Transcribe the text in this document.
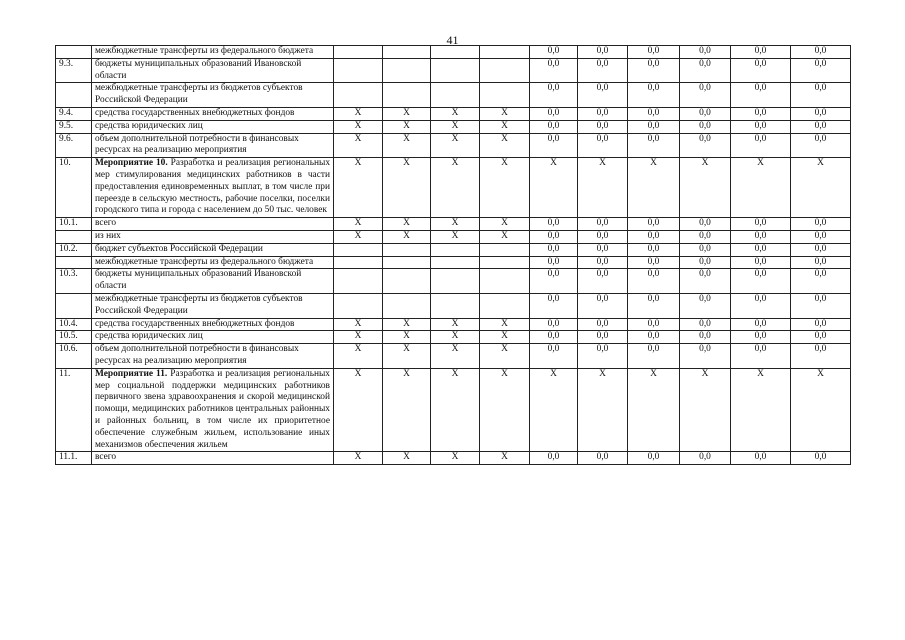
41
	межбюджетные трансферты из федерального бюджета					0,0	0,0	0,0	0,0	0,0	0,0
9.3.	бюджеты муниципальных образований Ивановской области					0,0	0,0	0,0	0,0	0,0	0,0
	межбюджетные трансферты из бюджетов субъектов Российской Федерации					0,0	0,0	0,0	0,0	0,0	0,0
9.4.	средства государственных внебюджетных фондов	X	X	X	X	0,0	0,0	0,0	0,0	0,0	0,0
9.5.	средства юридических лиц	X	X	X	X	0,0	0,0	0,0	0,0	0,0	0,0
9.6.	объем дополнительной потребности в финансовых ресурсах на реализацию мероприятия	X	X	X	X	0,0	0,0	0,0	0,0	0,0	0,0
10.	Мероприятие 10. Разработка и реализация региональных мер стимулирования медицинских работников в части предоставления единовременных выплат, в том числе при переезде в сельскую местность, рабочие поселки, поселки городского типа и города с населением до 50 тыс. человек	X	X	X	X	X	X	X	X	X	X
10.1.	всего	X	X	X	X	0,0	0,0	0,0	0,0	0,0	0,0
	из них	X	X	X	X	0,0	0,0	0,0	0,0	0,0	0,0
10.2.	бюджет субъектов Российской Федерации					0,0	0,0	0,0	0,0	0,0	0,0
	межбюджетные трансферты из федерального бюджета					0,0	0,0	0,0	0,0	0,0	0,0
10.3.	бюджеты муниципальных образований Ивановской области					0,0	0,0	0,0	0,0	0,0	0,0
	межбюджетные трансферты из бюджетов субъектов Российской Федерации					0,0	0,0	0,0	0,0	0,0	0,0
10.4.	средства государственных внебюджетных фондов	X	X	X	X	0,0	0,0	0,0	0,0	0,0	0,0
10.5.	средства юридических лиц	X	X	X	X	0,0	0,0	0,0	0,0	0,0	0,0
10.6.	объем дополнительной потребности в финансовых ресурсах на реализацию мероприятия	X	X	X	X	0,0	0,0	0,0	0,0	0,0	0,0
11.	Мероприятие 11. Разработка и реализация региональных мер социальной поддержки медицинских работников первичного звена здравоохранения и скорой медицинской помощи, медицинских работников центральных районных и районных больниц, в том числе их приоритетное обеспечение служебным жильем, использование иных механизмов обеспечения жильем	X	X	X	X	X	X	X	X	X	X
11.1.	всего	X	X	X	X	0,0	0,0	0,0	0,0	0,0	0,0
